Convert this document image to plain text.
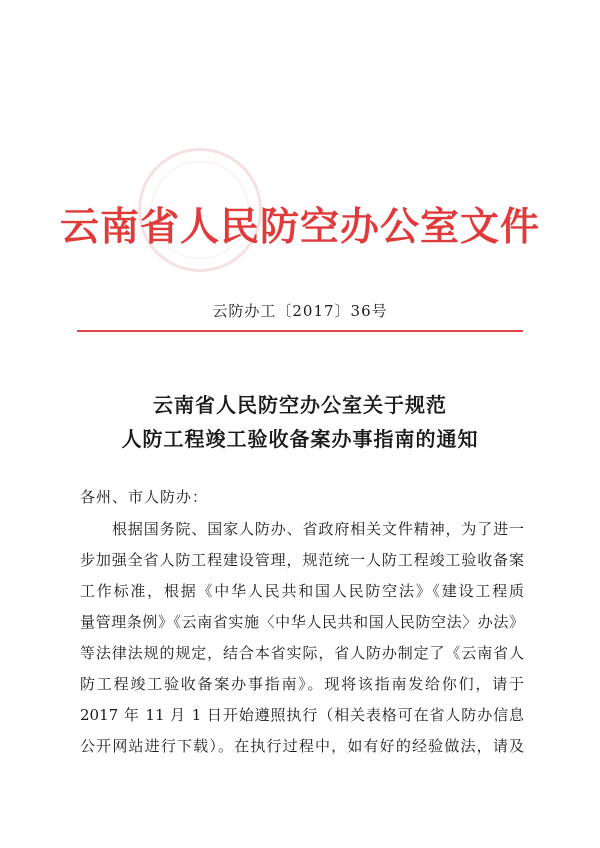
云南省人民防空办公室文件
云防办工〔2017〕36号
云南省人民防空办公室关于规范
人防工程竣工验收备案办事指南的通知
各州、市人防办：
根据国务院、国家人防办、省政府相关文件精神，为了进一
步加强全省人防工程建设管理，规范统一人防工程竣工验收备案
工作标准，根据《中华人民共和国人民防空法》《建设工程质
量管理条例》《云南省实施〈中华人民共和国人民防空法〉办法》
等法律法规的规定，结合本省实际，省人防办制定了《云南省人
防工程竣工验收备案办事指南》。现将该指南发给你们，请于
2017 年 11 月 1 日开始遵照执行（相关表格可在省人防办信息
公开网站进行下载）。在执行过程中，如有好的经验做法，请及
